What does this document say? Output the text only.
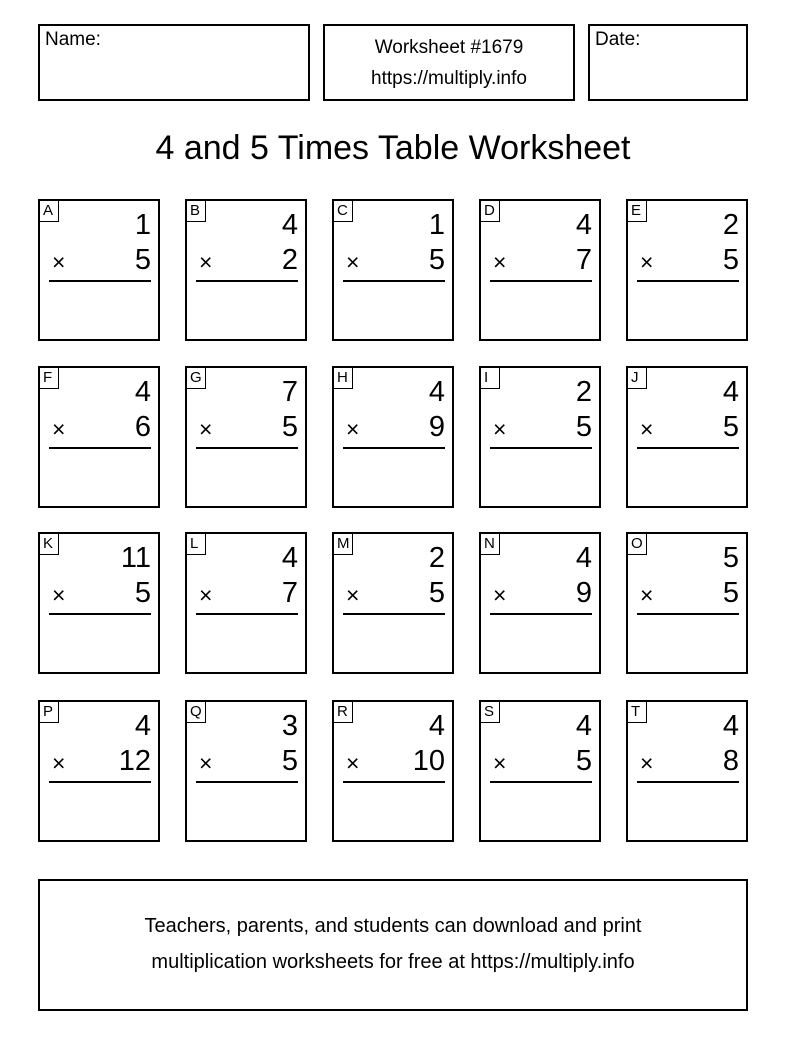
Name:	Worksheet #1679
https://multiply.info
Date:
4 and 5 Times Table Worksheet
A	1
× 5
B	4
× 2
C	1
× 5
D	4
× 7
E	2
× 5
F	4
× 6
G	7
× 5
H	4
× 9
I	2
× 5
J	4
× 5
K 11
× 5
L	4
× 7
M	2
× 5
N	4
× 9
O	5
× 5
P	4
× 12
Q	3
× 5
R	4
× 10
S	4
× 5
T	4
× 8
Teachers, parents, and students can download and print
multiplication worksheets for free at https://multiply.info
